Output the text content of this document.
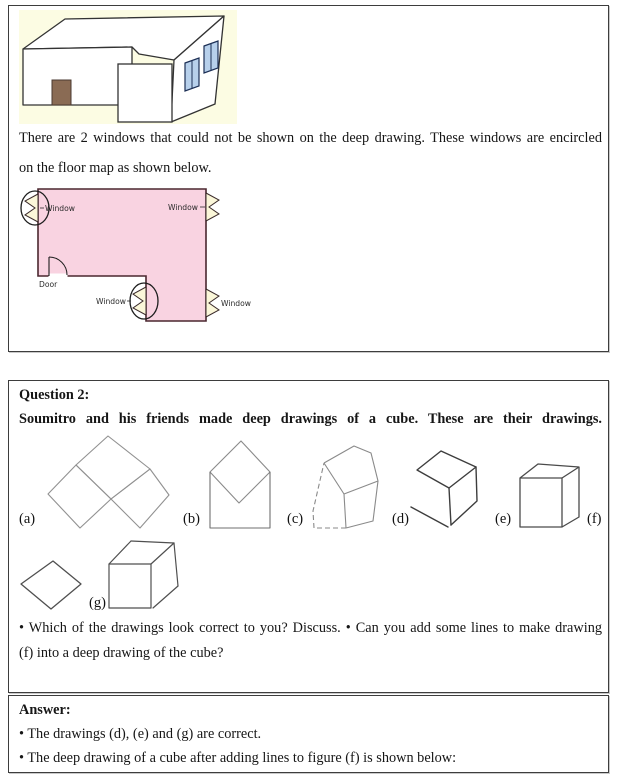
There are 2 windows that could not be shown on the deep drawing. These windows are encircled
on the floor map as shown below.
Window	Window
Door
Window	Window
Question 2:
Soumitro and his friends made deep drawings of a cube. These are their drawings.
(a)	(b)	(c)	(d)	(e)	(f)
(g)
• Which of the drawings look correct to you? Discuss. • Can you add some lines to make drawing
(f) into a deep drawing of the cube?
Answer:
• The drawings (d), (e) and (g) are correct.
• The deep drawing of a cube after adding lines to figure (f) is shown below:
